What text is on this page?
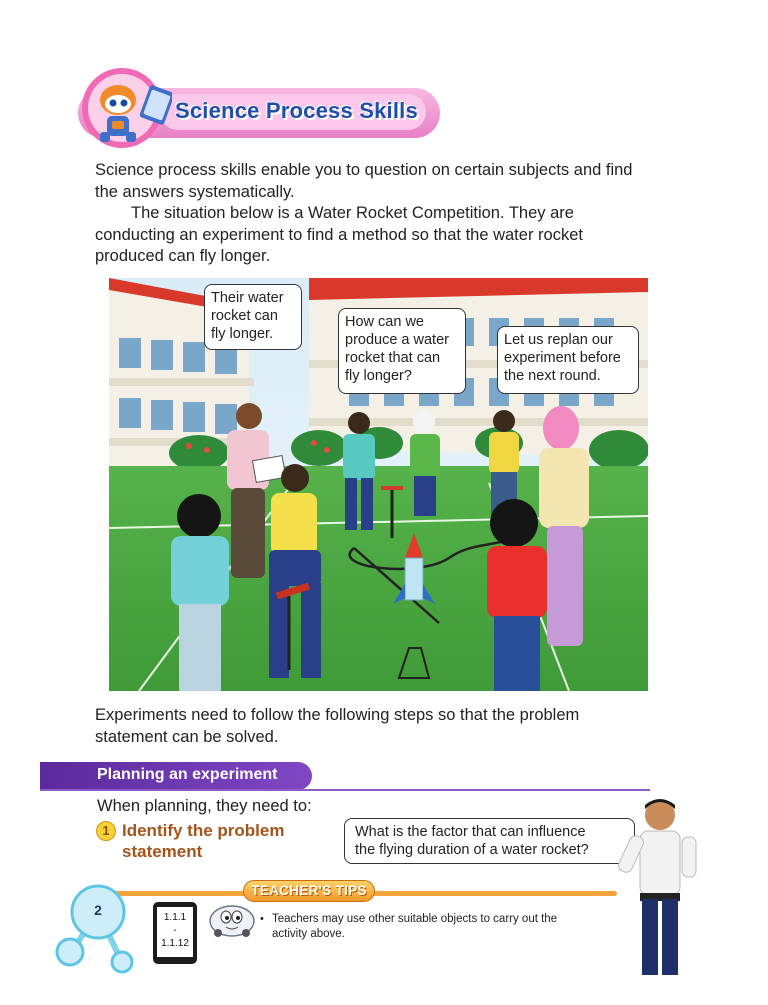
Science Process Skills
Science process skills enable you to question on certain subjects and find
the answers systematically.
The situation below is a Water Rocket Competition. They are
conducting an experiment to find a method so that the water rocket
produced can fly longer.
Their water
rocket can
fly longer.
How can we
produce a water
rocket that can
fly longer?
Let us replan our
experiment before
the next round.
Experiments need to follow the following steps so that the problem
statement can be solved.
Planning an experiment
When planning, they need to:
1 Identify the problem
statement
What is the factor that can influence
the flying duration of a water rocket?
TEACHER'S TIPS
2	1.1.1
-
1.1.12
• Teachers may use other suitable objects to carry out the
activity above.
